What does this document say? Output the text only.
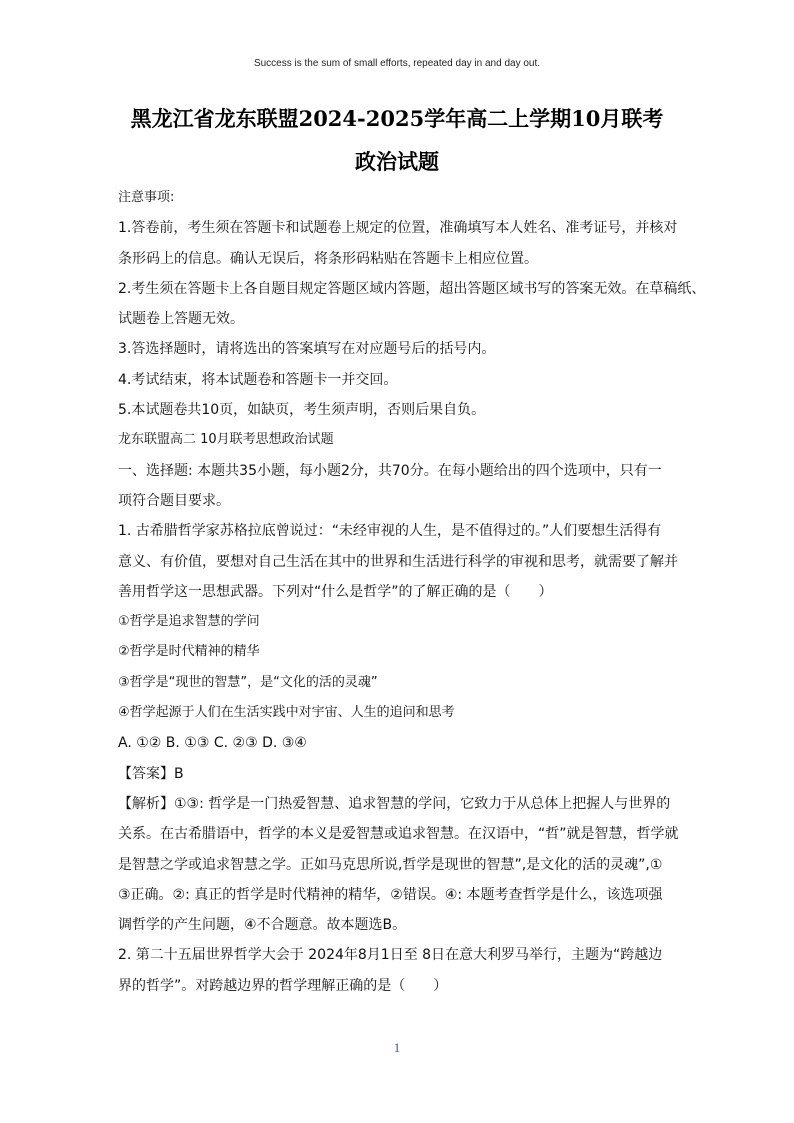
Success is the sum of small efforts, repeated day in and day out.
黑龙江省龙东联盟2024-2025学年高二上学期10月联考
政治试题
注意事项:
1.答卷前，考生须在答题卡和试题卷上规定的位置，准确填写本人姓名、准考证号，并核对
条形码上的信息。确认无误后，将条形码粘贴在答题卡上相应位置。
2.考生须在答题卡上各自题目规定答题区域内答题，超出答题区域书写的答案无效。在草稿纸、
试题卷上答题无效。
3.答选择题时，请将选出的答案填写在对应题号后的括号内。
4.考试结束，将本试题卷和答题卡一并交回。
5.本试题卷共10页，如缺页，考生须声明，否则后果自负。
龙东联盟高二 10月联考思想政治试题
一、选择题: 本题共35小题，每小题2分，共70分。在每小题给出的四个选项中，只有一
项符合题目要求。
1. 古希腊哲学家苏格拉底曾说过：“未经审视的人生，是不值得过的。”人们要想生活得有
意义、有价值，要想对自己生活在其中的世界和生活进行科学的审视和思考，就需要了解并
善用哲学这一思想武器。下列对“什么是哲学”的了解正确的是（　　）
①哲学是追求智慧的学问
②哲学是时代精神的精华
③哲学是“现世的智慧”，是“文化的活的灵魂”
④哲学起源于人们在生活实践中对宇宙、人生的追问和思考
A. ①② B. ①③ C. ②③ D. ③④
【答案】B
【解析】①③: 哲学是一门热爱智慧、追求智慧的学问，它致力于从总体上把握人与世界的
关系。在古希腊语中，哲学的本义是爱智慧或追求智慧。在汉语中，“哲”就是智慧，哲学就
是智慧之学或追求智慧之学。正如马克思所说,哲学是现世的智慧”,是文化的活的灵魂”,①
③正确。②: 真正的哲学是时代精神的精华，②错误。④: 本题考查哲学是什么，该选项强
调哲学的产生问题，④不合题意。故本题选B。
2. 第二十五届世界哲学大会于 2024年8月1日至 8日在意大利罗马举行，主题为“跨越边
界的哲学”。对跨越边界的哲学理解正确的是（　　）
1
